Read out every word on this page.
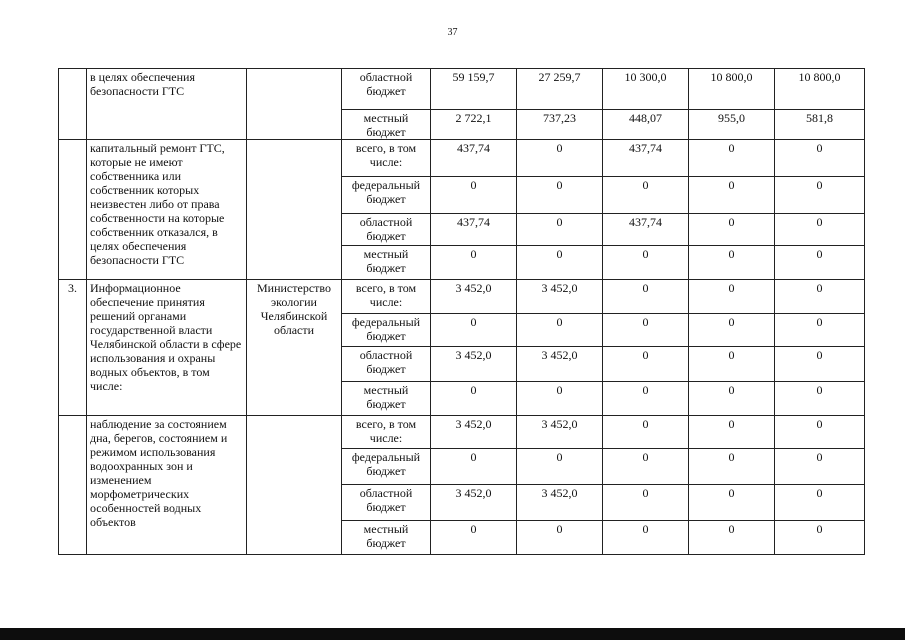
37
	в целях обеспечения безопасности ГТС		областной бюджет	59 159,7	27 259,7	10 300,0	10 800,0	10 800,0
			местный бюджет	2 722,1	737,23	448,07	955,0	581,8
	капитальный ремонт ГТС, которые не имеют собственника или собственник которых неизвестен либо от права собственности на которые собственник отказался, в целях обеспечения безопасности ГТС		всего, в том числе:	437,74	0	437,74	0	0
			федеральный бюджет	0	0	0	0	0
			областной бюджет	437,74	0	437,74	0	0
			местный бюджет	0	0	0	0	0
3.	Информационное обеспечение принятия решений органами государственной власти Челябинской области в сфере использования и охраны водных объектов, в том числе:	Министерство экологии Челябинской области	всего, в том числе:	3 452,0	3 452,0	0	0	0
			федеральный бюджет	0	0	0	0	0
			областной бюджет	3 452,0	3 452,0	0	0	0
			местный бюджет	0	0	0	0	0
	наблюдение за состоянием дна, берегов, состоянием и режимом использования водоохранных зон и изменением морфометрических особенностей водных объектов		всего, в том числе:	3 452,0	3 452,0	0	0	0
			федеральный бюджет	0	0	0	0	0
			областной бюджет	3 452,0	3 452,0	0	0	0
			местный бюджет	0	0	0	0	0
